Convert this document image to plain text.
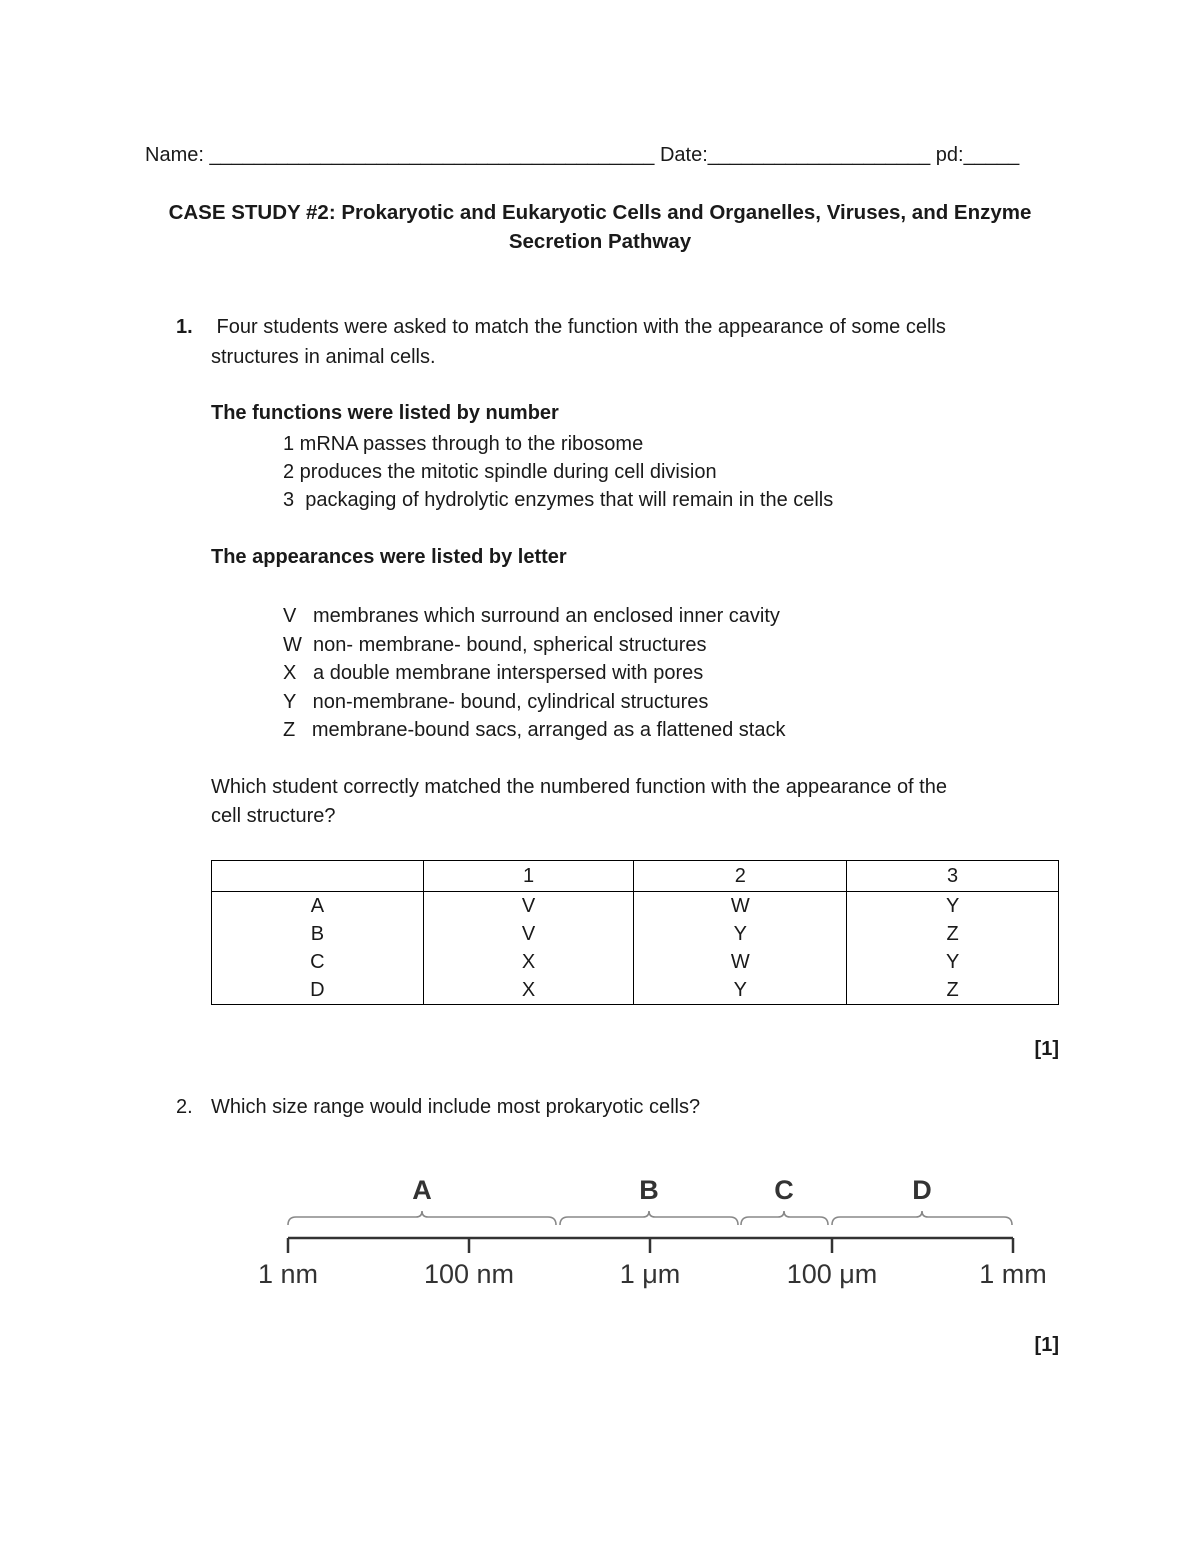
Name: ________________________________________ Date:____________________ pd:_____
CASE STUDY #2: Prokaryotic and Eukaryotic Cells and Organelles, Viruses, and Enzyme
Secretion Pathway
1. Four students were asked to match the function with the appearance of some cells
structures in animal cells.
The functions were listed by number
1 mRNA passes through to the ribosome
2 produces the mitotic spindle during cell division
3  packaging of hydrolytic enzymes that will remain in the cells
The appearances were listed by letter
V   membranes which surround an enclosed inner cavity
W  non- membrane- bound, spherical structures
X   a double membrane interspersed with pores
Y   non-membrane- bound, cylindrical structures
Z   membrane-bound sacs, arranged as a flattened stack
Which student correctly matched the numbered function with the appearance of the
cell structure?
	1	2	3
A	V	W	Y
B	V	Y	Z
C	X	W	Y
D	X	Y	Z
[1]
2. Which size range would include most prokaryotic cells?
A	B	C	D
1 nm	100 nm	1 μm	100 μm	1 mm
[1]
